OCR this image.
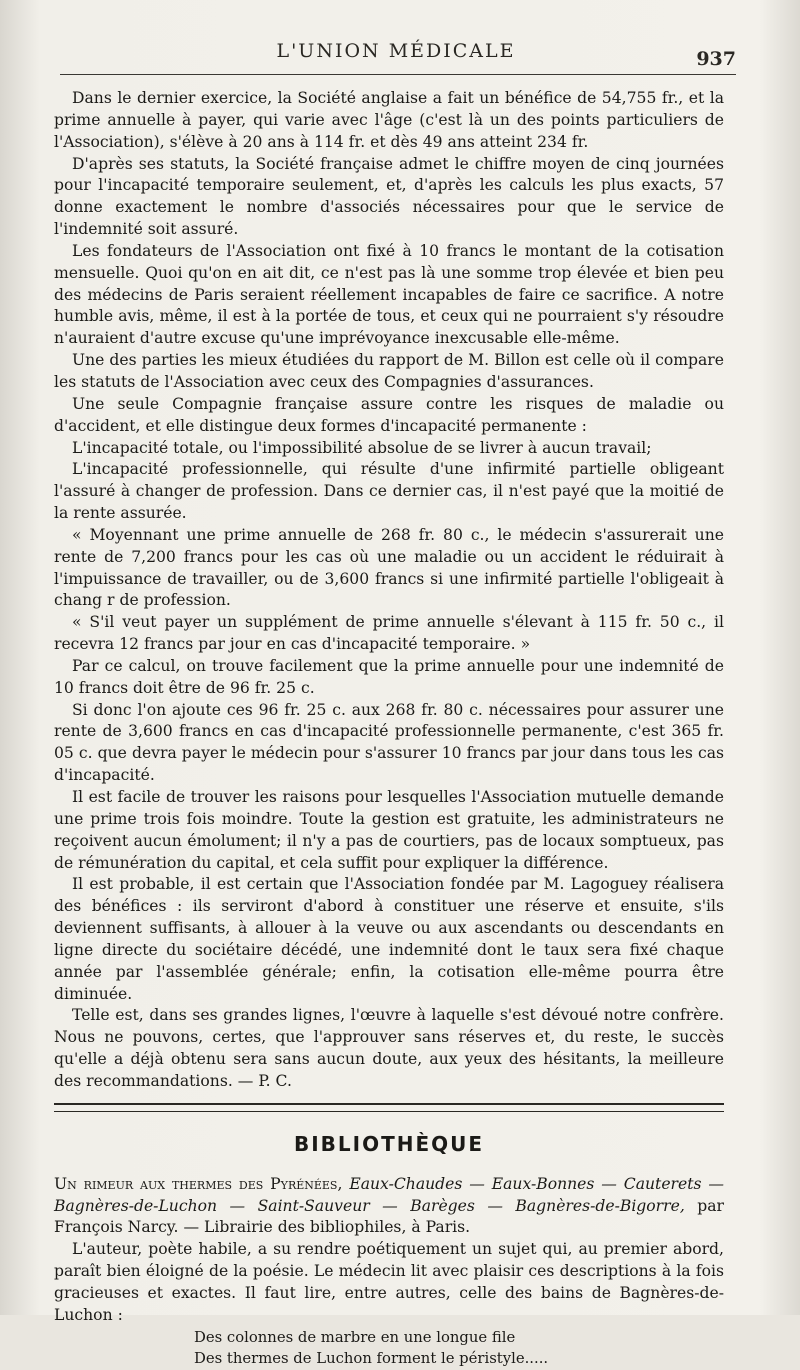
L'UNION MÉDICALE	937

Dans le dernier exercice, la Société anglaise a fait un bénéfice de 54,755 fr., et la prime annuelle à payer, qui varie avec l'âge (c'est là un des points particuliers de l'Association), s'élève à 20 ans à 114 fr. et dès 49 ans atteint 234 fr.

D'après ses statuts, la Société française admet le chiffre moyen de cinq journées pour l'incapacité temporaire seulement, et, d'après les calculs les plus exacts, 57 donne exactement le nombre d'associés nécessaires pour que le service de l'indemnité soit assuré.

Les fondateurs de l'Association ont fixé à 10 francs le montant de la cotisation mensuelle. Quoi qu'on en ait dit, ce n'est pas là une somme trop élevée et bien peu des médecins de Paris seraient réellement incapables de faire ce sacrifice. A notre humble avis, même, il est à la portée de tous, et ceux qui ne pourraient s'y résoudre n'auraient d'autre excuse qu'une imprévoyance inexcusable elle-même.

Une des parties les mieux étudiées du rapport de M. Billon est celle où il compare les statuts de l'Association avec ceux des Compagnies d'assurances.

Une seule Compagnie française assure contre les risques de maladie ou d'accident, et elle distingue deux formes d'incapacité permanente :

L'incapacité totale, ou l'impossibilité absolue de se livrer à aucun travail;

L'incapacité professionnelle, qui résulte d'une infirmité partielle obligeant l'assuré à changer de profession. Dans ce dernier cas, il n'est payé que la moitié de la rente assurée.

« Moyennant une prime annuelle de 268 fr. 80 c., le médecin s'assurerait une rente de 7,200 francs pour les cas où une maladie ou un accident le réduirait à l'impuissance de travailler, ou de 3,600 francs si une infirmité partielle l'obligeait à chang r de profession.

« S'il veut payer un supplément de prime annuelle s'élevant à 115 fr. 50 c., il recevra 12 francs par jour en cas d'incapacité temporaire. »

Par ce calcul, on trouve facilement que la prime annuelle pour une indemnité de 10 francs doit être de 96 fr. 25 c.

Si donc l'on ajoute ces 96 fr. 25 c. aux 268 fr. 80 c. nécessaires pour assurer une rente de 3,600 francs en cas d'incapacité professionnelle permanente, c'est 365 fr. 05 c. que devra payer le médecin pour s'assurer 10 francs par jour dans tous les cas d'incapacité.

Il est facile de trouver les raisons pour lesquelles l'Association mutuelle demande une prime trois fois moindre. Toute la gestion est gratuite, les administrateurs ne reçoivent aucun émolument; il n'y a pas de courtiers, pas de locaux somptueux, pas de rémunération du capital, et cela suffit pour expliquer la différence.

Il est probable, il est certain que l'Association fondée par M. Lagoguey réalisera des bénéfices : ils serviront d'abord à constituer une réserve et ensuite, s'ils deviennent suffisants, à allouer à la veuve ou aux ascendants ou descendants en ligne directe du sociétaire décédé, une indemnité dont le taux sera fixé chaque année par l'assemblée générale; enfin, la cotisation elle-même pourra être diminuée.

Telle est, dans ses grandes lignes, l'œuvre à laquelle s'est dévoué notre confrère. Nous ne pouvons, certes, que l'approuver sans réserves et, du reste, le succès qu'elle a déjà obtenu sera sans aucun doute, aux yeux des hésitants, la meilleure des recommandations. — P. C.

BIBLIOTHÈQUE

Un rimeur aux thermes des Pyrénées, Eaux-Chaudes — Eaux-Bonnes — Cauterets — Bagnères-de-Luchon — Saint-Sauveur — Barèges — Bagnères-de-Bigorre, par François Narcy. — Librairie des bibliophiles, à Paris.

L'auteur, poète habile, a su rendre poétiquement un sujet qui, au premier abord, paraît bien éloigné de la poésie. Le médecin lit avec plaisir ces descriptions à la fois gracieuses et exactes. Il faut lire, entre autres, celle des bains de Bagnères-de-Luchon :

Des colonnes de marbre en une longue file
Des thermes de Luchon forment le péristyle.....
